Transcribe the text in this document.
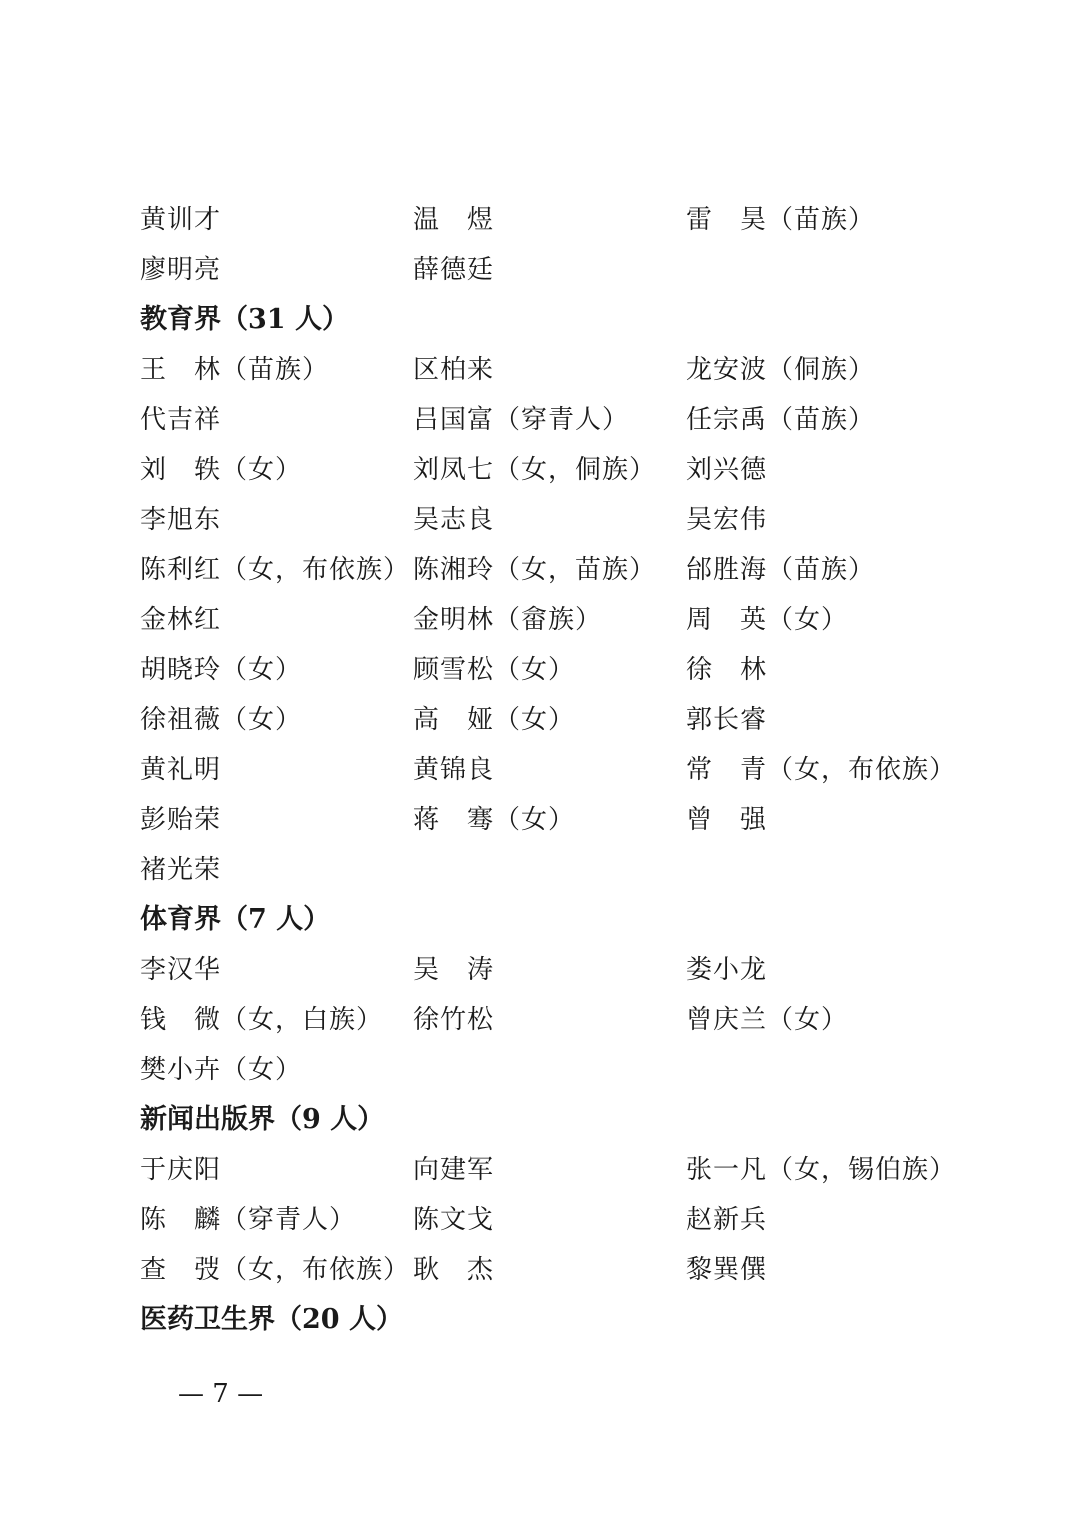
黄训才	温　煜	雷　昊（苗族）
廖明亮	薛德廷
教育界（31 人）
王　林（苗族）	区柏来	龙安波（侗族）
代吉祥	吕国富（穿青人） 任宗禹（苗族）
刘　轶（女）	刘凤七（女，侗族） 刘兴德
李旭东	吴志良	吴宏伟
陈利红（女，布依族） 陈湘玲（女，苗族） 邰胜海（苗族）
金林红	金明林（畲族）	周　英（女）
胡晓玲（女）	顾雪松（女）	徐　林
徐祖薇（女）	高　娅（女）	郭长睿
黄礼明	黄锦良	常　青（女，布依族）
彭贻荣	蒋　骞（女）	曾　强
褚光荣
体育界（7 人）
李汉华	吴　涛	娄小龙
钱　微（女，白族） 徐竹松	曾庆兰（女）
樊小卉（女）
新闻出版界（9 人）
于庆阳	向建军	张一凡（女，锡伯族）
陈　麟（穿青人） 陈文戈	赵新兵
查　弢（女，布依族） 耿　杰	黎巽僎
医药卫生界（20 人）
— 7 —
